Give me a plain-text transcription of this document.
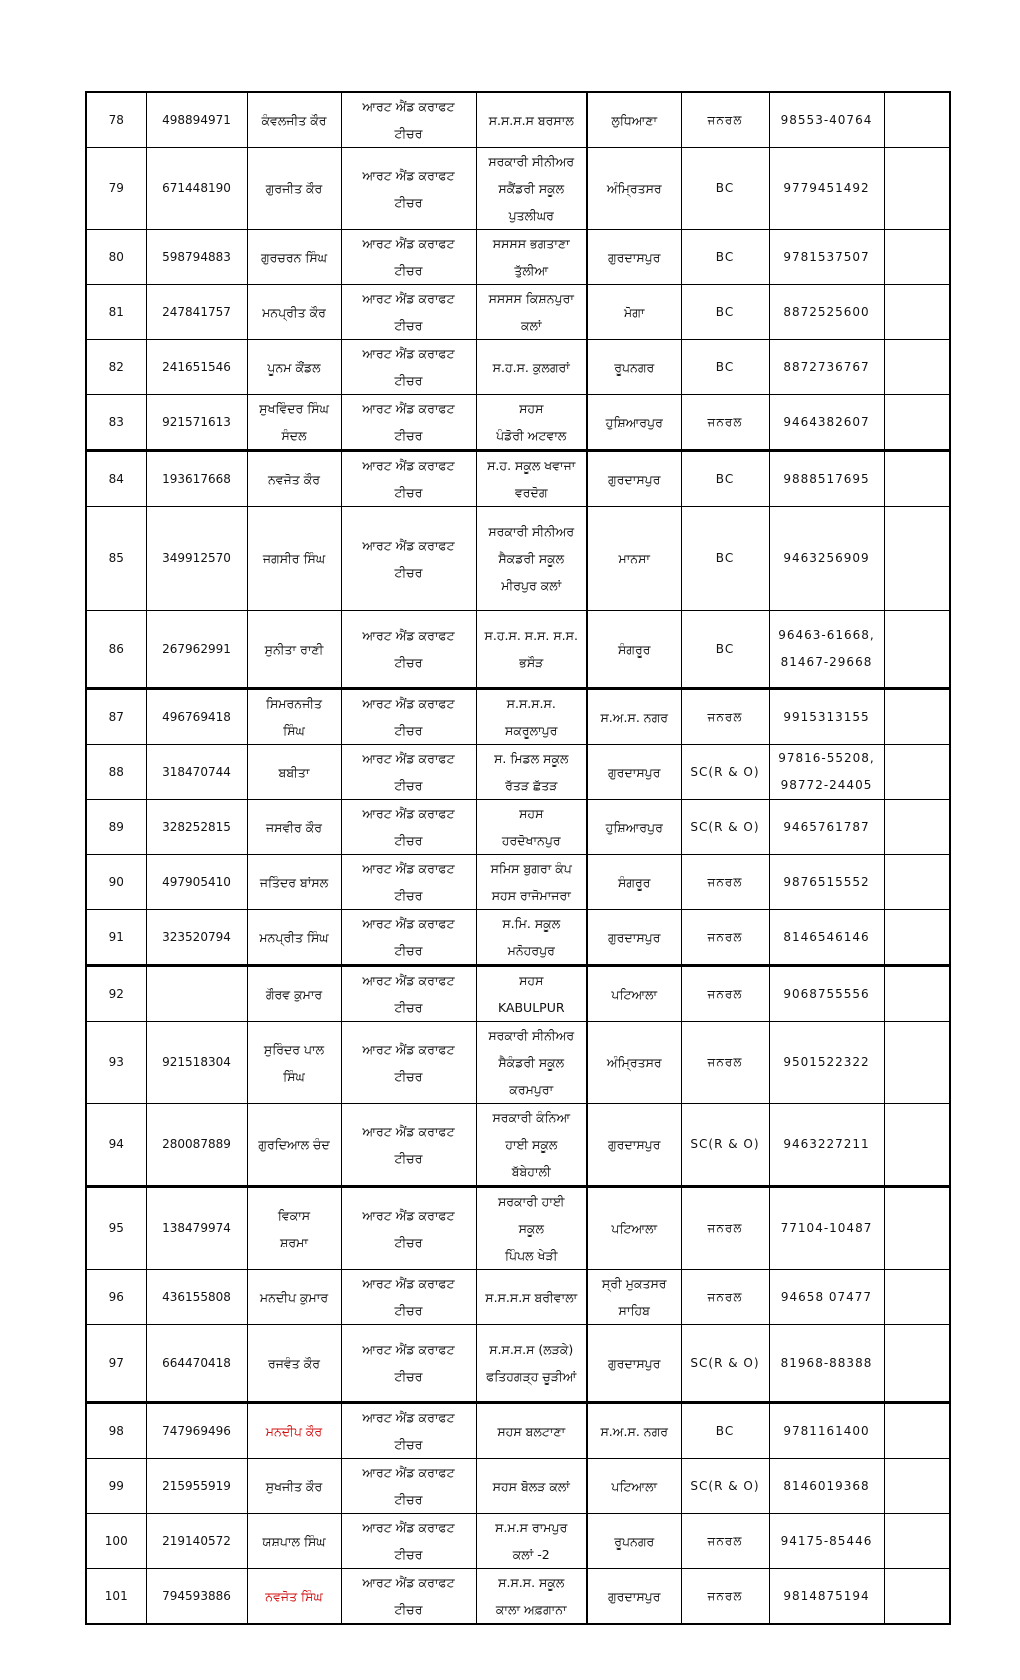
78	498894971	ਕੰਵਲਜੀਤ ਕੌਰ	ਆਰਟ ਐਂਡ ਕਰਾਫਟ
ਟੀਚਰ	ਸ.ਸ.ਸ.ਸ ਬਰਸਾਲ	ਲੁਧਿਆਣਾ	ਜਨਰਲ	98553-40764	

79	671448190	ਗੁਰਜੀਤ ਕੌਰ	ਆਰਟ ਐਂਡ ਕਰਾਫਟ
ਟੀਚਰ	ਸਰਕਾਰੀ ਸੀਨੀਅਰ
ਸਕੈਂਡਰੀ ਸਕੂਲ
ਪੁਤਲੀਘਰ	ਅੰਮ੍ਰਿਤਸਰ	BC	9779451492	

80	598794883	ਗੁਰਚਰਨ ਸਿੰਘ	ਆਰਟ ਐਂਡ ਕਰਾਫਟ
ਟੀਚਰ	ਸਸਸਸ ਭਗਤਾਣਾ
ਤੁੱਲੀਆ	ਗੁਰਦਾਸਪੁਰ	BC	9781537507	

81	247841757	ਮਨਪ੍ਰੀਤ ਕੌਰ	ਆਰਟ ਐਂਡ ਕਰਾਫਟ
ਟੀਚਰ	ਸਸਸਸ ਕਿਸ਼ਨਪੁਰਾ
ਕਲਾਂ	ਮੋਗਾ	BC	8872525600	

82	241651546	ਪੂਨਮ ਕੌਂਡਲ	ਆਰਟ ਐਂਡ ਕਰਾਫਟ
ਟੀਚਰ	ਸ.ਹ.ਸ. ਕੁਲਗਰਾਂ	ਰੂਪਨਗਰ	BC	8872736767	

83	921571613	ਸੁਖਵਿੰਦਰ ਸਿੰਘ
ਸੰਦਲ	ਆਰਟ ਐਂਡ ਕਰਾਫਟ
ਟੀਚਰ	ਸਹਸ
ਪੰਡੋਰੀ ਅਟਵਾਲ	ਹੁਸ਼ਿਆਰਪੁਰ	ਜਨਰਲ	9464382607	

84	193617668	ਨਵਜੋਤ ਕੌਰ	ਆਰਟ ਐਂਡ ਕਰਾਫਟ
ਟੀਚਰ	ਸ.ਹ. ਸਕੂਲ ਖਵਾਜਾ
ਵਰਦੋਗ	ਗੁਰਦਾਸਪੁਰ	BC	9888517695	

85	349912570	ਜਗਸੀਰ ਸਿੰਘ	ਆਰਟ ਐਂਡ ਕਰਾਫਟ
ਟੀਚਰ	ਸਰਕਾਰੀ ਸੀਨੀਅਰ
ਸੈਕਡਰੀ ਸਕੂਲ
ਮੀਰਪੁਰ ਕਲਾਂ	ਮਾਨਸਾ	BC	9463256909	

86	267962991	ਸੁਨੀਤਾ ਰਾਣੀ	ਆਰਟ ਐਂਡ ਕਰਾਫਟ
ਟੀਚਰ	ਸ.ਹ.ਸ. ਸ.ਸ. ਸ.ਸ.
ਭਸੌੜ	ਸੰਗਰੂਰ	BC	96463-61668,
81467-29668	

87	496769418	ਸਿਮਰਨਜੀਤ
ਸਿੰਘ	ਆਰਟ ਐਂਡ ਕਰਾਫਟ
ਟੀਚਰ	ਸ.ਸ.ਸ.ਸ.
ਸਕਰੂਲਾਪੁਰ	ਸ.ਅ.ਸ. ਨਗਰ	ਜਨਰਲ	9915313155	

88	318470744	ਬਬੀਤਾ	ਆਰਟ ਐਂਡ ਕਰਾਫਟ
ਟੀਚਰ	ਸ. ਮਿਡਲ ਸਕੂਲ
ਰੱਤੜ ਛੱਤੜ	ਗੁਰਦਾਸਪੁਰ	SC(R & O)	97816-55208,
98772-24405	

89	328252815	ਜਸਵੀਰ ਕੌਰ	ਆਰਟ ਐਂਡ ਕਰਾਫਟ
ਟੀਚਰ	ਸਹਸ
ਹਰਦੋਖਾਨਪੁਰ	ਹੁਸ਼ਿਆਰਪੁਰ	SC(R & O)	9465761787	

90	497905410	ਜਤਿੰਦਰ ਬਾਂਸਲ	ਆਰਟ ਐਂਡ ਕਰਾਫਟ
ਟੀਚਰ	ਸਮਿਸ ਬੁਗਰਾ ਕੰਪ
ਸਹਸ ਰਾਜੋਮਾਜਰਾ	ਸੰਗਰੂਰ	ਜਨਰਲ	9876515552	

91	323520794	ਮਨਪ੍ਰੀਤ ਸਿੰਘ	ਆਰਟ ਐਂਡ ਕਰਾਫਟ
ਟੀਚਰ	ਸ.ਮਿ. ਸਕੂਲ
ਮਨੋਹਰਪੁਰ	ਗੁਰਦਾਸਪੁਰ	ਜਨਰਲ	8146546146	

92		ਗੌਰਵ ਕੁਮਾਰ	ਆਰਟ ਐਂਡ ਕਰਾਫਟ
ਟੀਚਰ	ਸਹਸ
KABULPUR	ਪਟਿਆਲਾ	ਜਨਰਲ	9068755556	

93	921518304	ਸੁਰਿੰਦਰ ਪਾਲ
ਸਿੰਘ	ਆਰਟ ਐਂਡ ਕਰਾਫਟ
ਟੀਚਰ	ਸਰਕਾਰੀ ਸੀਨੀਅਰ
ਸੈਕੰਡਰੀ ਸਕੂਲ
ਕਰਮਪੁਰਾ	ਅੰਮ੍ਰਿਤਸਰ	ਜਨਰਲ	9501522322	

94	280087889	ਗੁਰਦਿਆਲ ਚੰਦ	ਆਰਟ ਐਂਡ ਕਰਾਫਟ
ਟੀਚਰ	ਸਰਕਾਰੀ ਕੰਨਿਆ
ਹਾਈ ਸਕੂਲ
ਬੱਬੇਹਾਲੀ	ਗੁਰਦਾਸਪੁਰ	SC(R & O)	9463227211	

95	138479974	ਵਿਕਾਸ
ਸ਼ਰਮਾ	ਆਰਟ ਐਂਡ ਕਰਾਫਟ
ਟੀਚਰ	ਸਰਕਾਰੀ ਹਾਈ
ਸਕੂਲ
ਪਿੰਪਲ ਖੇੜੀ	ਪਟਿਆਲਾ	ਜਨਰਲ	77104-10487	

96	436155808	ਮਨਦੀਪ ਕੁਮਾਰ	ਆਰਟ ਐਂਡ ਕਰਾਫਟ
ਟੀਚਰ	ਸ.ਸ.ਸ.ਸ ਬਰੀਵਾਲਾ	ਸ੍ਰੀ ਮੁਕਤਸਰ
ਸਾਹਿਬ	ਜਨਰਲ	94658 07477	

97	664470418	ਰਜਵੰਤ ਕੌਰ	ਆਰਟ ਐਂਡ ਕਰਾਫਟ
ਟੀਚਰ	ਸ.ਸ.ਸ.ਸ (ਲੜਕੇ)
ਫਤਿਹਗੜ੍ਹ ਚੂੜੀਆਂ	ਗੁਰਦਾਸਪੁਰ	SC(R & O)	81968-88388	

98	747969496	ਮਨਦੀਪ ਕੌਰ	ਆਰਟ ਐਂਡ ਕਰਾਫਟ
ਟੀਚਰ	ਸਹਸ ਬਲਟਾਣਾ	ਸ.ਅ.ਸ. ਨਗਰ	BC	9781161400	

99	215955919	ਸੁਖਜੀਤ ਕੌਰ	ਆਰਟ ਐਂਡ ਕਰਾਫਟ
ਟੀਚਰ	ਸਹਸ ਬੋਲੜ ਕਲਾਂ	ਪਟਿਆਲਾ	SC(R & O)	8146019368	

100	219140572	ਯਸ਼ਪਾਲ ਸਿੰਘ	ਆਰਟ ਐਂਡ ਕਰਾਫਟ
ਟੀਚਰ	ਸ.ਮ.ਸ ਰਾਮਪੁਰ
ਕਲਾਂ -2	ਰੂਪਨਗਰ	ਜਨਰਲ	94175-85446	

101	794593886	ਨਵਜੋਤ ਸਿੰਘ	ਆਰਟ ਐਂਡ ਕਰਾਫਟ
ਟੀਚਰ	ਸ.ਸ.ਸ. ਸਕੂਲ
ਕਾਲਾ ਅਫ਼ਗਾਨਾ	ਗੁਰਦਾਸਪੁਰ	ਜਨਰਲ	9814875194	
